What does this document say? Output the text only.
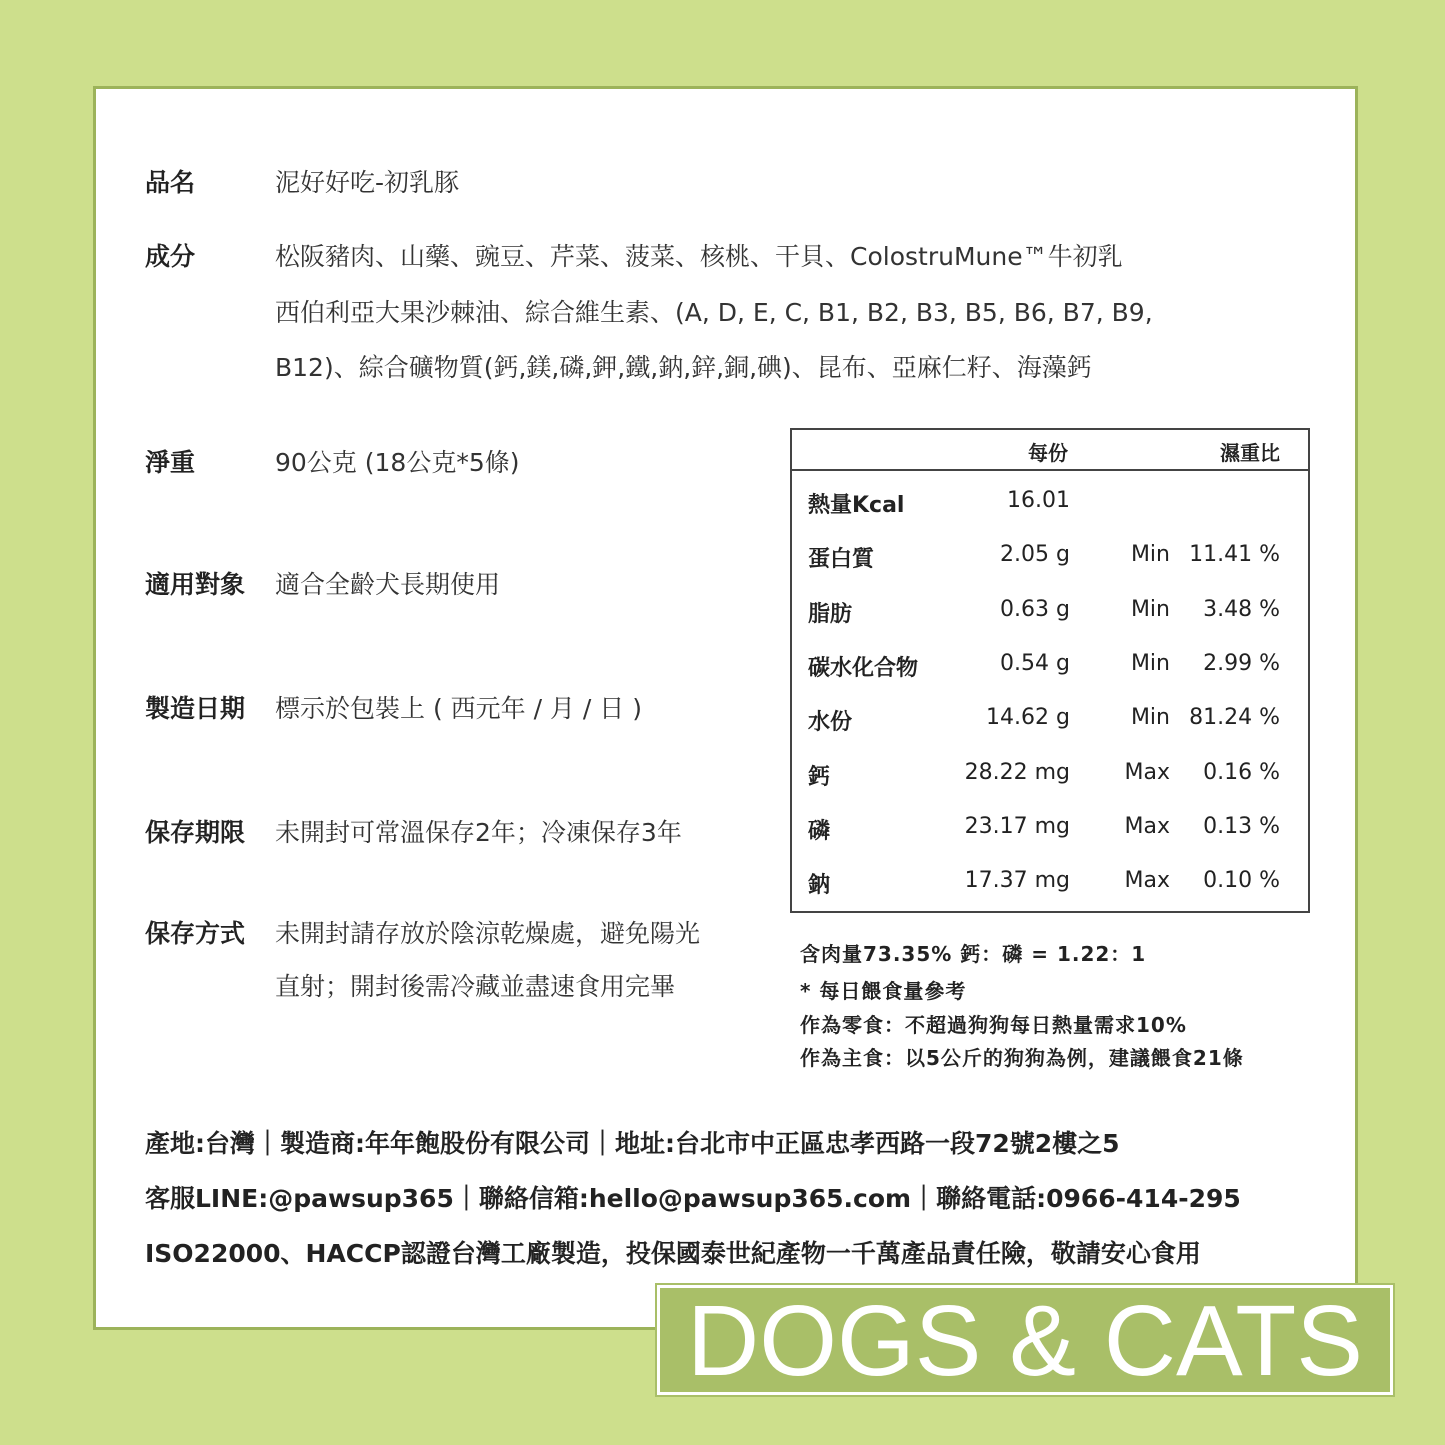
品名	泥好好吃-初乳豚
成分	松阪豬肉、山藥、豌豆、芹菜、菠菜、核桃、干貝、ColostruMune™牛初乳
西伯利亞大果沙棘油、綜合維生素、(A, D, E, C, B1, B2, B3, B5, B6, B7, B9,
B12)、綜合礦物質(鈣,鎂,磷,鉀,鐵,鈉,鋅,銅,碘)、昆布、亞麻仁籽、海藻鈣
淨重	90公克 (18公克*5條)
適用對象 適合全齡犬長期使用
製造日期 標示於包裝上 ( 西元年 / 月 / 日 )
保存期限 未開封可常溫保存2年；冷凍保存3年
保存方式 未開封請存放於陰涼乾燥處，避免陽光
直射；開封後需冷藏並盡速食用完畢
每份	濕重比
熱量Kcal	16.01
蛋白質	2.05 g	Min 11.41 %
脂肪	0.63 g	Min 3.48 %
碳水化合物	0.54 g	Min 2.99 %
水份	14.62 g	Min 81.24 %
鈣	28.22 mg Max 0.16 %
磷	23.17 mg Max 0.13 %
鈉	17.37 mg Max 0.10 %
含肉量73.35% 鈣：磷 = 1.22：1
* 每日餵食量參考
作為零食：不超過狗狗每日熱量需求10%
作為主食：以5公斤的狗狗為例，建議餵食21條
產地:台灣｜製造商:年年飽股份有限公司｜地址:台北市中正區忠孝西路一段72號2樓之5
客服LINE:@pawsup365｜聯絡信箱:hello@pawsup365.com｜聯絡電話:0966-414-295
ISO22000、HACCP認證台灣工廠製造，投保國泰世紀產物一千萬產品責任險，敬請安心食用
DOGS & CATS
